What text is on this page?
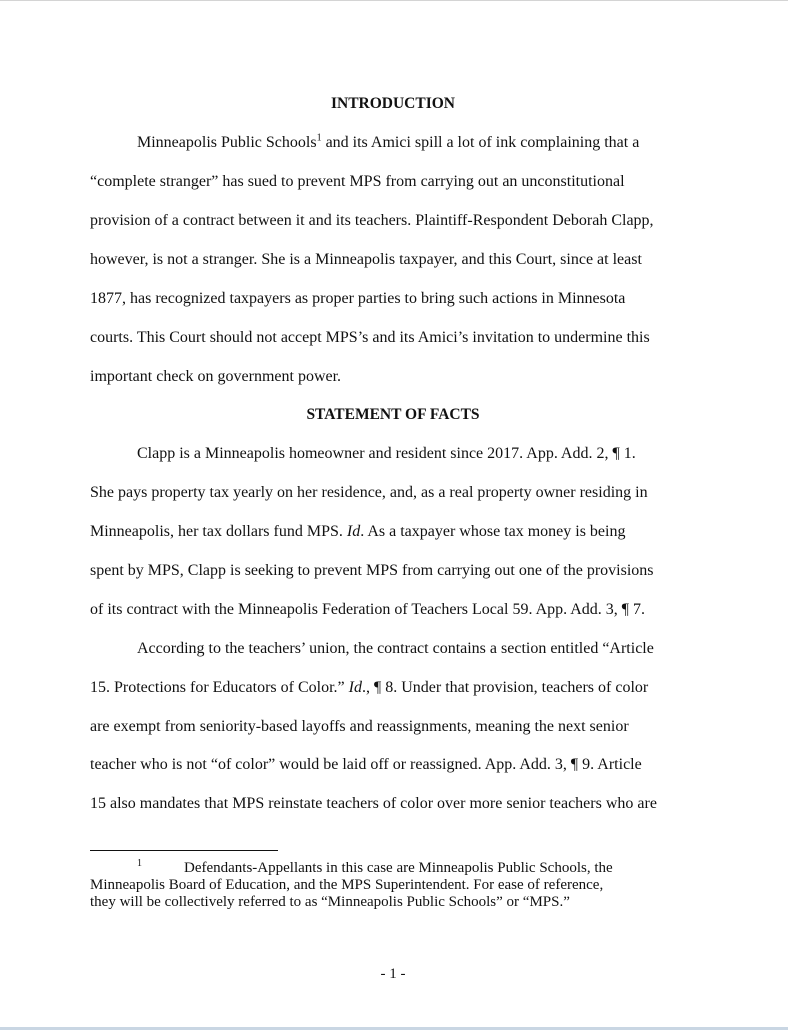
INTRODUCTION
Minneapolis Public Schools$^1$ and its Amici spill a lot of ink complaining that a
“complete stranger” has sued to prevent MPS from carrying out an unconstitutional
provision of a contract between it and its teachers. Plaintiff-Respondent Deborah Clapp,
however, is not a stranger. She is a Minneapolis taxpayer, and this Court, since at least
1877, has recognized taxpayers as proper parties to bring such actions in Minnesota
courts. This Court should not accept MPS’s and its Amici’s invitation to undermine this
important check on government power.
STATEMENT OF FACTS
Clapp is a Minneapolis homeowner and resident since 2017. App. Add. 2, ¶ 1.
She pays property tax yearly on her residence, and, as a real property owner residing in
Minneapolis, her tax dollars fund MPS. Id. As a taxpayer whose tax money is being
spent by MPS, Clapp is seeking to prevent MPS from carrying out one of the provisions
of its contract with the Minneapolis Federation of Teachers Local 59. App. Add. 3, ¶ 7.
According to the teachers’ union, the contract contains a section entitled “Article
15. Protections for Educators of Color.” Id., ¶ 8. Under that provision, teachers of color
are exempt from seniority-based layoffs and reassignments, meaning the next senior
teacher who is not “of color” would be laid off or reassigned. App. Add. 3, ¶ 9. Article
15 also mandates that MPS reinstate teachers of color over more senior teachers who are
1	Defendants-Appellants in this case are Minneapolis Public Schools, the
Minneapolis Board of Education, and the MPS Superintendent. For ease of reference,
they will be collectively referred to as “Minneapolis Public Schools” or “MPS.”
- 1 -
